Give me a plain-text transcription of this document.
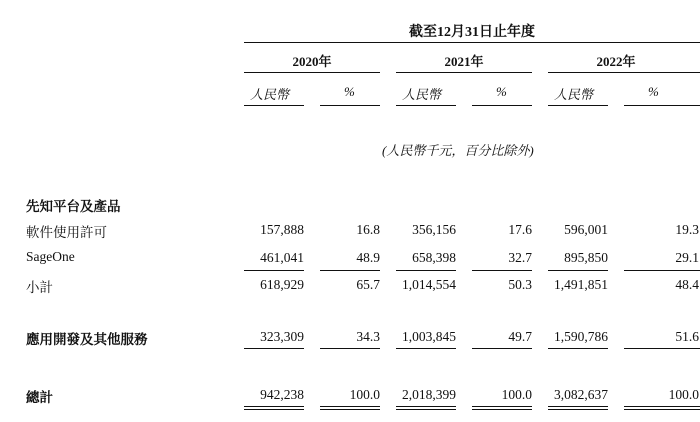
截至12月31日止年度
2020年	2021年	2022年
人民幣	%	人民幣	%	人民幣	%
(人民幣千元，百分比除外)
先知平台及產品
軟件使用許可	157,888	16.8	356,156	17.6	596,001	19.3
SageOne	461,041	48.9	658,398	32.7	895,850	29.1
小計	618,929	65.7	1,014,554	50.3	1,491,851	48.4
應用開發及其他服務	323,309	34.3	1,003,845	49.7	1,590,786	51.6
總計	942,238	100.0	2,018,399	100.0	3,082,637	100.0
